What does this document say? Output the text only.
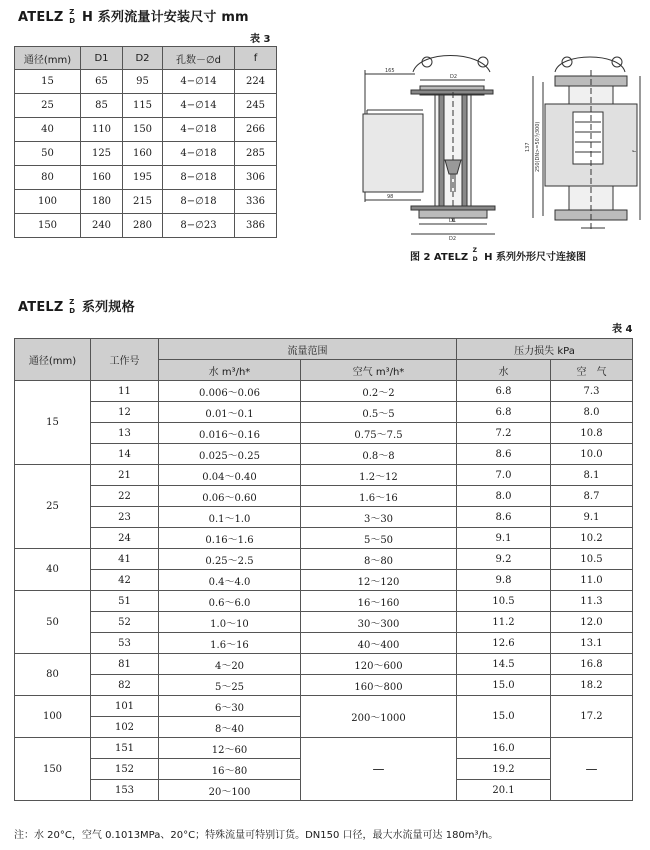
ATELZ Z
D H 系列流量计安装尺寸 mm
表 3
通径(mm)	D1	D2	孔数－∅d	f
15	65	95	4−∅14	224
25	85	115	4−∅14	245
40	110	150	4−∅18	266
50	125	160	4−∅18	285
80	160	195	8−∅18	306
100	180	215	8−∅18	336
150	240	280	8−∅23	386
165
D2
98
D1
D2
137 250(DN>=50为300)	f
图 2 ATELZ
Z
D H 系列外形尺寸连接图
ATELZ Z
D 系列规格
表 4
通径(mm)	工作号	流量范围		压力损失 kPa	
		水 m³/h*	空气 m³/h*	水	空　气
15	11	0.006～0.06	0.2～2	6.8	7.3
	12	0.01～0.1	0.5～5	6.8	8.0
	13	0.016～0.16	0.75～7.5	7.2	10.8
	14	0.025～0.25	0.8～8	8.6	10.0
25	21	0.04～0.40	1.2～12	7.0	8.1
	22	0.06～0.60	1.6～16	8.0	8.7
	23	0.1～1.0	3～30	8.6	9.1
	24	0.16～1.6	5～50	9.1	10.2
40	41	0.25～2.5	8～80	9.2	10.5
	42	0.4～4.0	12～120	9.8	11.0
50	51	0.6～6.0	16～160	10.5	11.3
	52	1.0～10	30～300	11.2	12.0
	53	1.6～16	40～400	12.6	13.1
80	81	4～20	120～600	14.5	16.8
	82	5～25	160～800	15.0	18.2
100	101	6～30	200～1000	15.0	17.2
	102	8～40			
150	151	12～60	—	16.0	—
	152	16～80		19.2	
	153	20～100		20.1	
注：水 20°C，空气 0.1013MPa、20°C；特殊流量可特别订货。DN150 口径，最大水流量可达 180m³/h。
